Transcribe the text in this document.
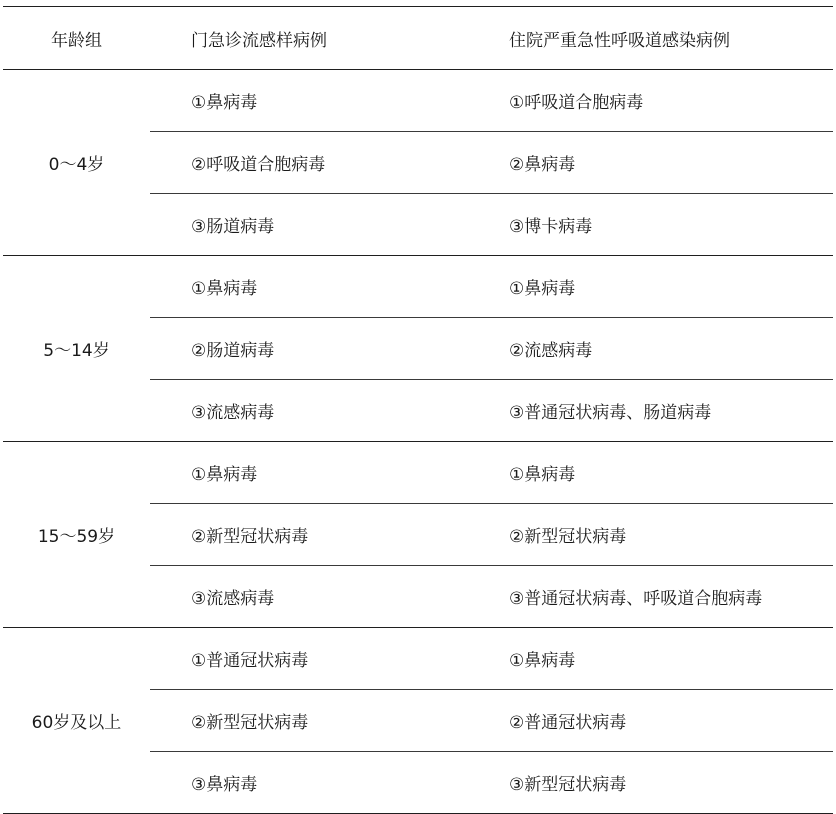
年龄组	门急诊流感样病例	住院严重急性呼吸道感染病例
0～4岁	①鼻病毒	①呼吸道合胞病毒
	②呼吸道合胞病毒	②鼻病毒
	③肠道病毒	③博卡病毒
5～14岁	①鼻病毒	①鼻病毒
	②肠道病毒	②流感病毒
	③流感病毒	③普通冠状病毒、肠道病毒
15～59岁	①鼻病毒	①鼻病毒
	②新型冠状病毒	②新型冠状病毒
	③流感病毒	③普通冠状病毒、呼吸道合胞病毒
60岁及以上	①普通冠状病毒	①鼻病毒
	②新型冠状病毒	②普通冠状病毒
	③鼻病毒	③新型冠状病毒
